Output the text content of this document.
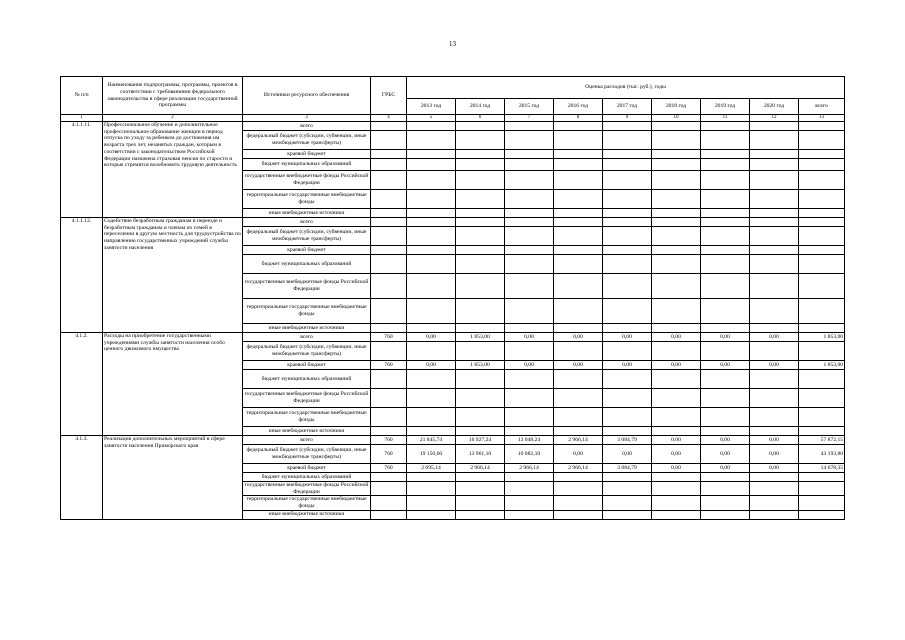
13
№ п/п	Наименование подпрограммы, программы, проектов в соответствии с требованиями федерального законодательства в сфере реализации государственной программы	Источники ресурсного обеспечения	ГРБС	Оценка расходов (тыс. руб.), годы								
				2013 год	2014 год	2015 год	2016 год	2017 год	2018 год	2019 год	2020 год	всего
1	2	3	4	5	6	7	8	9	10	11	12	13
4.1.1.11.	Профессиональное обучение и дополнительное профессиональное образование женщин в период отпуска по уходу за ребенком до достижения им возраста трех лет, незанятых граждан, которым в соответствии с законодательством Российской Федерации назначена страховая пенсия по старости и которые стремятся возобновить трудовую деятельность	всего										
		федеральный бюджет (субсидии, субвенции, иные межбюджетные трансферты)										
		краевой бюджет										
		бюджет муниципальных образований										
		государственные внебюджетные фонды Российской Федерации										
		территориальные государственные внебюджетные фонды										
		иные внебюджетные источники										
4.1.1.12.	Содействие безработным гражданам в переезде и безработным гражданам и членам их семей в переселении в другую местность для трудоустройства по направлению государственных учреждений службы занятости населения	всего										
		федеральный бюджет (субсидии, субвенции, иные межбюджетные трансферты)										
		краевой бюджет										
		бюджет муниципальных образований										
		государственные внебюджетные фонды Российской Федерации										
		территориальные государственные внебюджетные фонды										
		иные внебюджетные источники										
4.1.2.	Расходы на приобретение государственными учреждениями службы занятости населения особо ценного движимого имущества	всего	760	0,00	1 853,00	0,00	0,00	0,00	0,00	0,00	0,00	1 853,00
		федеральный бюджет (субсидии, субвенции, иные межбюджетные трансферты)										
		краевой бюджет	760	0,00	1 853,00	0,00	0,00	0,00	0,00	0,00	0,00	1 853,00
		бюджет муниципальных образований										
		государственные внебюджетные фонды Российской Федерации										
		территориальные государственные внебюджетные фонды										
		иные внебюджетные источники										
4.1.3.	Реализация дополнительных мероприятий в сфере занятости населения Приморского края	всего	760	21 845,74	16 927,24	13 048,24	2 966,14	3 084,79	0,00	0,00	0,00	57 872,15
		федеральный бюджет (субсидии, субвенции, иные межбюджетные трансферты)	760	19 150,60	13 961,10	10 082,10	0,00	0,00	0,00	0,00	0,00	43 193,80
		краевой бюджет	760	2 695,14	2 966,14	2 966,14	2 966,14	3 084,79	0,00	0,00	0,00	14 678,35
		бюджет муниципальных образований										
		государственные внебюджетные фонды Российской Федерации										
		территориальные государственные внебюджетные фонды										
		иные внебюджетные источники										
